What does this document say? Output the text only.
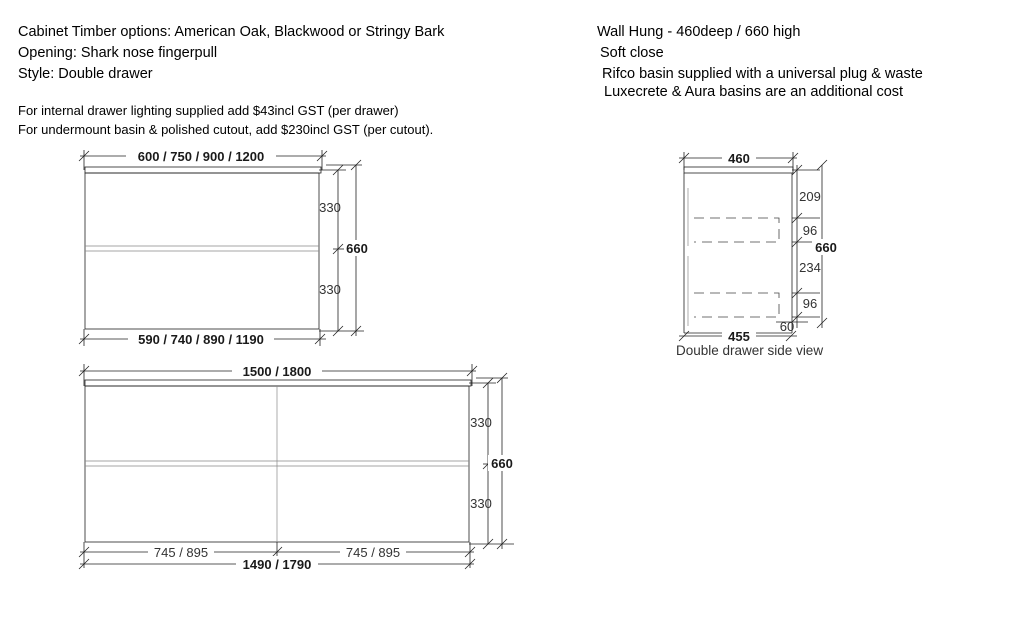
Cabinet Timber options: American Oak, Blackwood or Stringy Bark
Opening: Shark nose fingerpull
Style: Double drawer
For internal drawer lighting supplied add $43incl GST (per drawer)
For undermount basin & polished cutout, add $230incl GST (per cutout).
Wall Hung - 460deep / 660 high
Soft close
Rifco basin supplied with a universal plug & waste
Luxecrete & Aura basins are an additional cost
600 / 750 / 900 / 1200
330
330
660
590 / 740 / 890 / 1190
1500 / 1800
330
330
660
745 / 895	745 / 895
1490 / 1790
460
209
96
234
96
660
60
455
Double drawer side view
